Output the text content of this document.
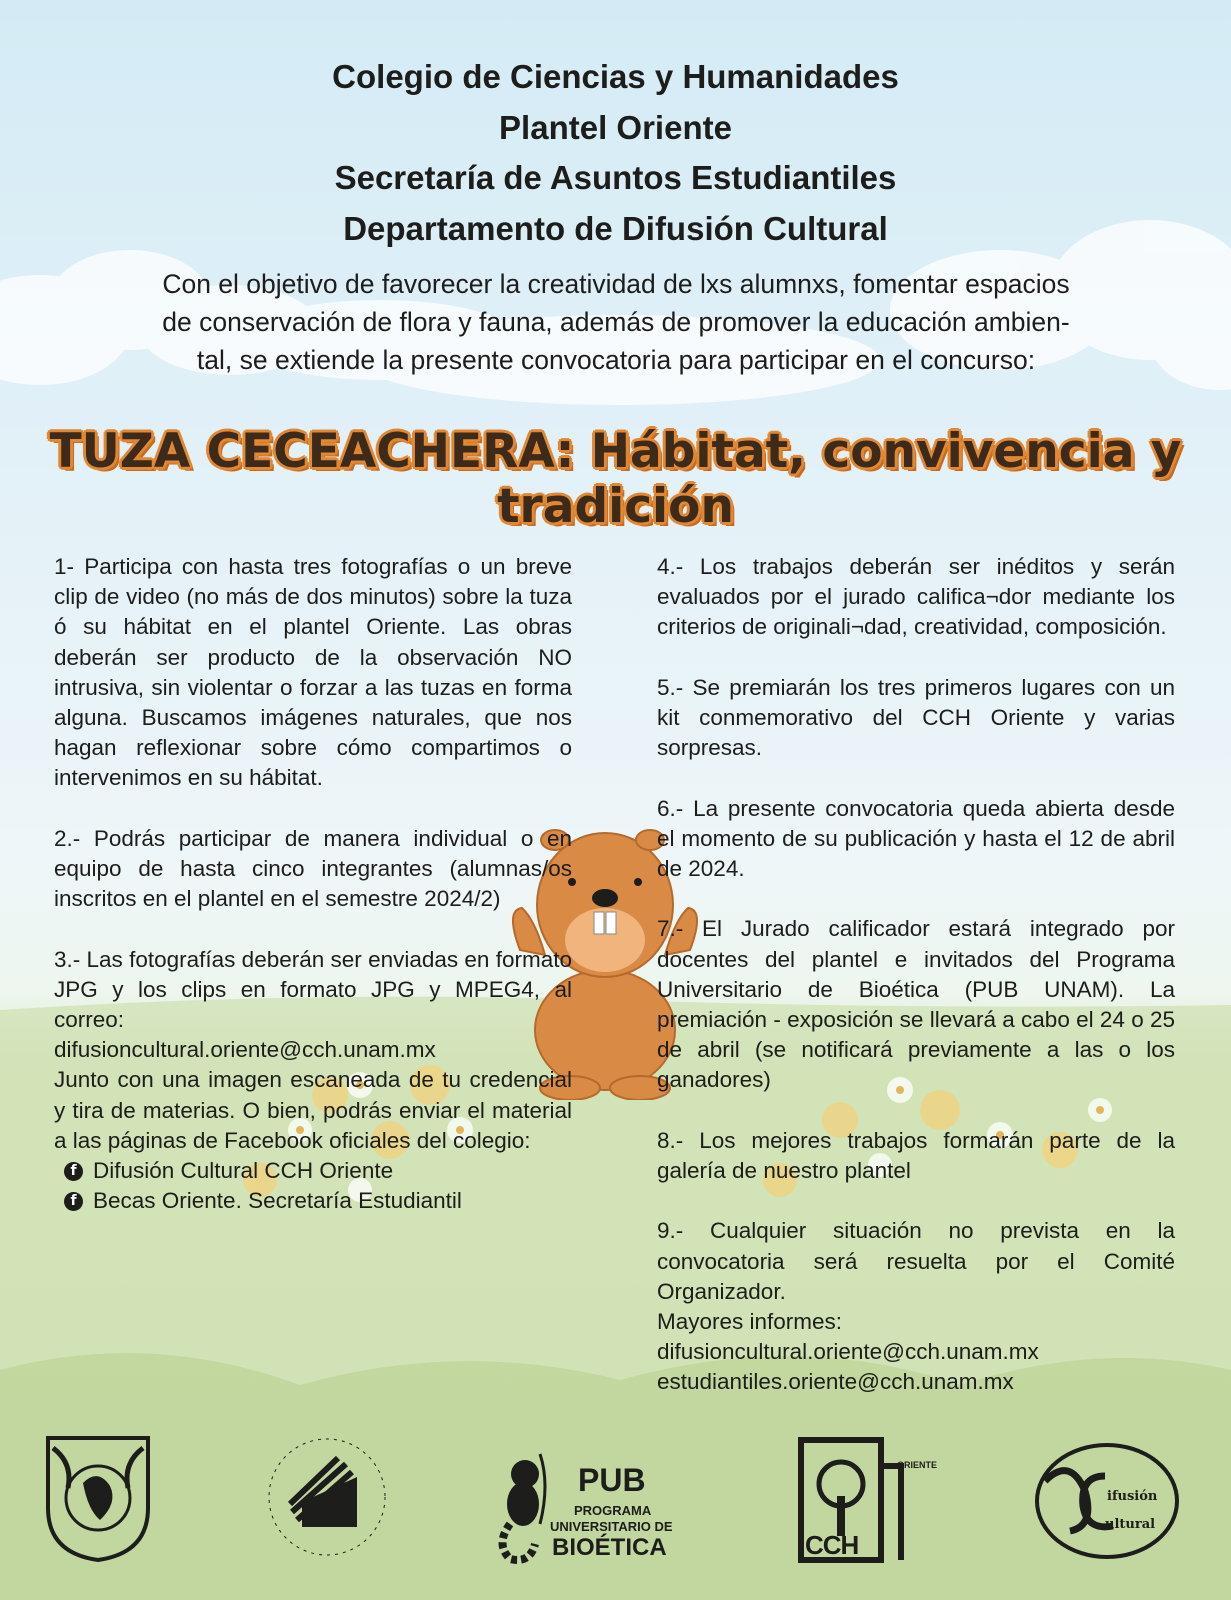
Colegio de Ciencias y Humanidades
Plantel Oriente
Secretaría de Asuntos Estudiantiles
Departamento de Difusión Cultural
Con el objetivo de favorecer la creatividad de lxs alumnxs, fomentar espacios
de conservación de flora y fauna, además de promover la educación ambien-
tal, se extiende la presente convocatoria para participar en el concurso:
TUZA CECEACHERA: Hábitat, convivencia y tradición

1- Participa con hasta tres fotografías o un breve clip de video (no más de dos minutos) sobre la tuza ó su hábitat en el plantel Oriente. Las obras deberán ser producto de la observación NO intrusiva, sin violentar o forzar a las tuzas en forma alguna. Buscamos imágenes naturales, que nos hagan reflexionar sobre cómo compartimos o intervenimos en su hábitat.

2.- Podrás participar de manera individual o en equipo de hasta cinco integrantes (alumnas/os inscritos en el plantel en el semestre 2024/2)

3.- Las fotografías deberán ser enviadas en formato JPG y los clips en formato JPG y MPEG4, al correo:
difusioncultural.oriente@cch.unam.mx
Junto con una imagen escaneada de tu credencial y tira de materias. O bien, podrás enviar el material a las páginas de Facebook oficiales del colegio:
f Difusión Cultural CCH Oriente
f Becas Oriente. Secretaría Estudiantil

4.- Los trabajos deberán ser inéditos y serán evaluados por el jurado califica¬dor mediante los criterios de originali¬dad, creatividad, composición.

5.- Se premiarán los tres primeros lugares con un kit conmemorativo del CCH Oriente y varias sorpresas.

6.- La presente convocatoria queda abierta desde el momento de su publicación y hasta el 12 de abril de 2024.

7.- El Jurado calificador estará integrado por docentes del plantel e invitados del Programa Universitario de Bioética (PUB UNAM). La premiación - exposición se llevará a cabo el 24 o 25 de abril (se notificará previamente a las o los ganadores)

8.- Los mejores trabajos formarán parte de la galería de nuestro plantel

9.- Cualquier situación no prevista en la convocatoria será resuelta por el Comité Organizador.
Mayores informes:
difusioncultural.oriente@cch.unam.mx
estudiantiles.oriente@cch.unam.mx
PUB
PROGRAMA
UNIVERSITARIO DE
BIOÉTICA	CCH
ORIENTE
ifusión
ultural
